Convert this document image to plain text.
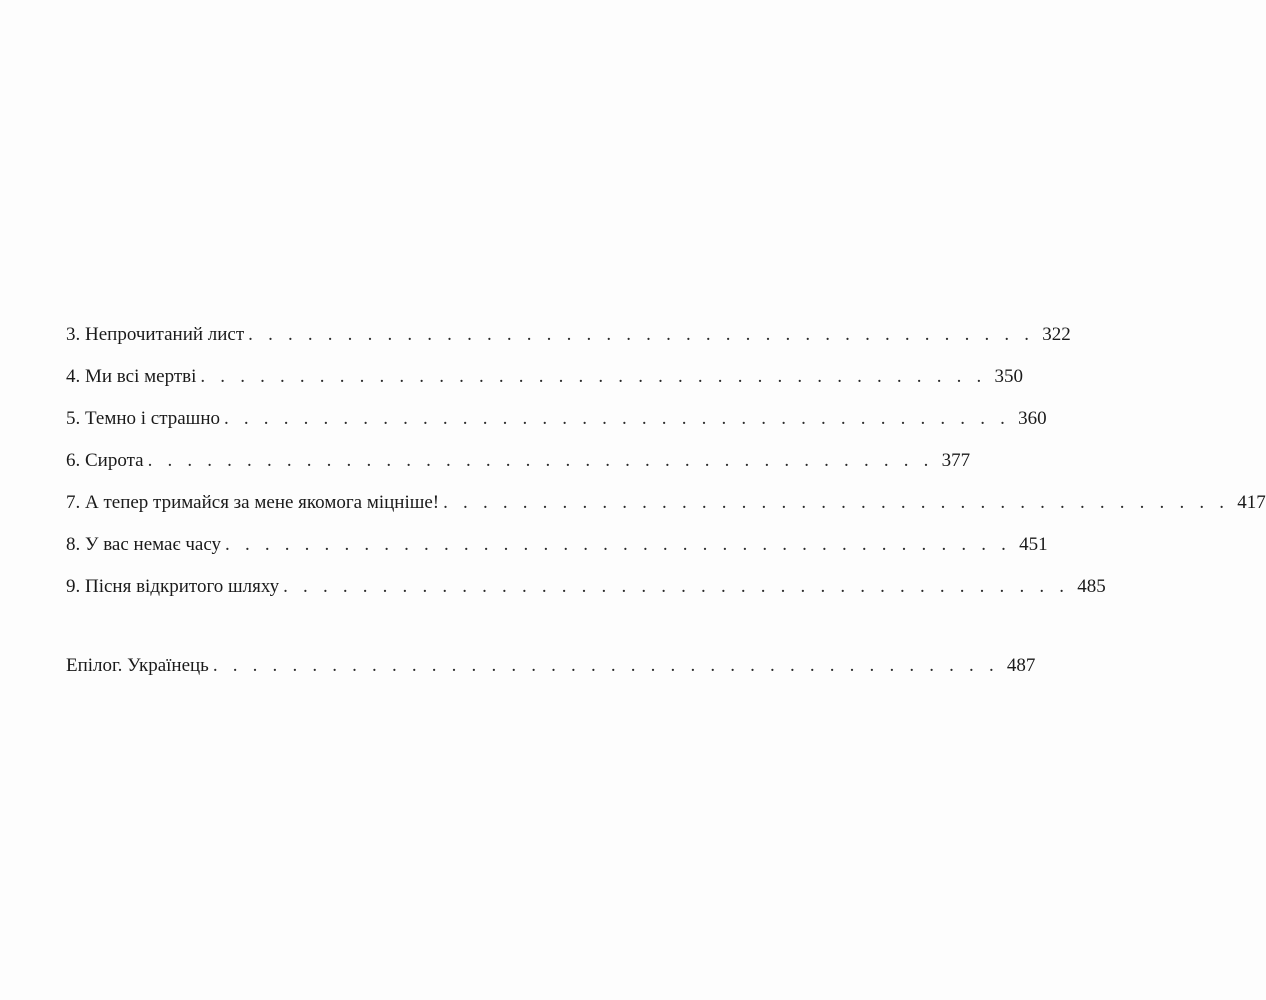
3. Непрочитаний лист . . . . . . . . . . . . . . . . . . . . . . . . . . . . . . . . . . . . . . . . 322
4. Ми всі мертві . . . . . . . . . . . . . . . . . . . . . . . . . . . . . . . . . . . . . . . . 350
5. Темно і страшно . . . . . . . . . . . . . . . . . . . . . . . . . . . . . . . . . . . . . . . . 360
6. Сирота . . . . . . . . . . . . . . . . . . . . . . . . . . . . . . . . . . . . . . . . 377
7. А тепер тримайся за мене якомога міцніше! . . . . . . . . . . . . . . . . . . . . . . . . . . . . . . . . . . . . . . . . 417
8. У вас немає часу . . . . . . . . . . . . . . . . . . . . . . . . . . . . . . . . . . . . . . . . 451
9. Пісня відкритого шляху . . . . . . . . . . . . . . . . . . . . . . . . . . . . . . . . . . . . . . . . 485
Епілог. Українець . . . . . . . . . . . . . . . . . . . . . . . . . . . . . . . . . . . . . . . . 487
